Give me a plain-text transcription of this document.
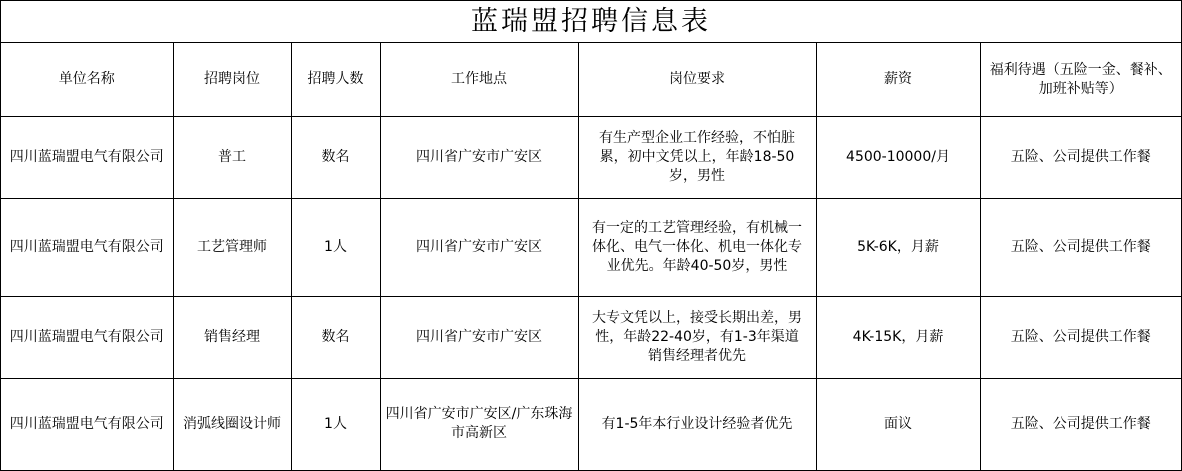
蓝瑞盟招聘信息表						
单位名称	招聘岗位	招聘人数	工作地点	岗位要求	薪资	福利待遇（五险一金、餐补、加班补贴等）
四川蓝瑞盟电气有限公司	普工	数名	四川省广安市广安区	有生产型企业工作经验，不怕脏累，初中文凭以上，年龄18-50岁，男性	4500-10000/月	五险、公司提供工作餐
四川蓝瑞盟电气有限公司	工艺管理师	1人	四川省广安市广安区	有一定的工艺管理经验，有机械一体化、电气一体化、机电一体化专业优先。年龄40-50岁，男性	5K-6K，月薪	五险、公司提供工作餐
四川蓝瑞盟电气有限公司	销售经理	数名	四川省广安市广安区	大专文凭以上，接受长期出差，男性，年龄22-40岁，有1-3年渠道销售经理者优先	4K-15K，月薪	五险、公司提供工作餐
四川蓝瑞盟电气有限公司	消弧线圈设计师	1人	四川省广安市广安区/广东珠海市高新区	有1-5年本行业设计经验者优先	面议	五险、公司提供工作餐
